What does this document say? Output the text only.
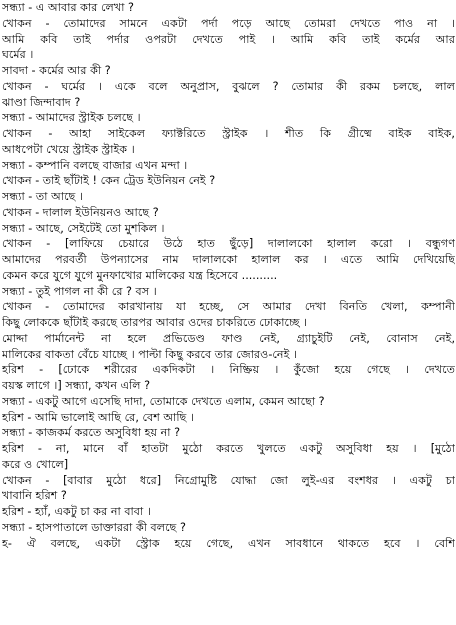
সন্ধ্যা - এ আবার কার লেখা ?
খোকন - তোমাদের সামনে একটা পর্দা পড়ে আছে তোমরা দেখতে পাও না ।
আমি কবি তাই পর্দার ওপরটা দেখতে পাই । আমি কবি তাই কর্মের আর
ঘর্মের ।
সাবদা - কর্মের আর কী ?
খোকন - ঘর্মের । একে বলে অনুপ্রাস, বুঝলে ? তোমার কী রকম চলছে, লাল
ঝাণ্ডা জিন্দাবাদ ?
সন্ধ্যা - আমাদের স্ট্রাইক চলছে ।
খোকন - আহা সাইকেল ফ্যাক্টরিতে স্ট্রাইক । শীত কি গ্রীষ্মে বাইক বাইক,
আধপেটা খেয়ে স্ট্রাইক স্ট্রাইক ।
সন্ধ্যা - কম্পানি বলছে বাজার এখন মন্দা ।
খোকন - তাই ছাঁটাই ! কেন ট্রেড ইউনিয়ন নেই ?
সন্ধ্যা - তা আছে ।
খোকন - দালাল ইউনিয়নও আছে ?
সন্ধ্যা - আছে, সেইটেই তো মুশকিল ।
খোকন - [লাফিয়ে চেয়ারে উঠে হাত ছুঁড়ে] দালালকো হালাল করো । বন্ধুগণ
আমাদের পরবর্তী উপন্যাসের নাম দালালকো হালাল কর । এতে আমি দেখিয়েছি
কেমন করে যুগে যুগে মুনফাখোর মালিকের যন্ত্র হিসেবে ..........
সন্ধ্যা - তুই পাগল না কী রে ? বস ।
খোকন - তোমাদের কারখানায় যা হচ্ছে, সে আমার দেখা বিনতি খেলা, কম্পানী
কিছু লোককে ছাঁটাই করছে তারপর আবার ওদের চাকরিতে ঢোকাচ্ছে ।
মোদ্দা পার্মানেন্ট না হলে প্রভিডেণ্ড ফাণ্ড নেই, গ্র্যাচুইটি নেই, বোনাস নেই,
মালিকের বাকতা বেঁচে যাচ্ছে । পাল্টা কিছু করবে তার জোরও-নেই ।
হরিশ - [ঢোকে শরীরের একদিকটা । নিষ্ক্রিয় । কুঁজো হয়ে গেছে । দেখতে
বয়স্ক লাগে ।] সন্ধ্যা, কখন এলি ?
সন্ধ্যা - একটু আগে এসেছি দাদা, তোমাকে দেখতে এলাম, কেমন আছো ?
হরিশ - আমি ভালোই আছি রে, বেশ আছি ।
সন্ধ্যা - কাজকর্ম করতে অসুবিধা হয় না ?
হরিশ - না, মানে বাঁ হাতটা মুঠো করতে খুলতে একটু অসুবিধা হয় । [মুঠো
করে ও খোলে]
খোকন - [বাবার মুঠো ধরে] নিগ্রোমুষ্টি যোদ্ধা জো লুই-এর বংশধর । একটু চা
খাবানি হরিশ ?
হরিশ - হ্যাঁ, একটু চা কর না বাবা ।
সন্ধ্যা - হাসপাতালে ডাক্তাররা কী বলছে ?
হ- ঐ বলছে, একটা স্ট্রোক হয়ে গেছে, এখন সাবধানে থাকতে হবে । বেশি
